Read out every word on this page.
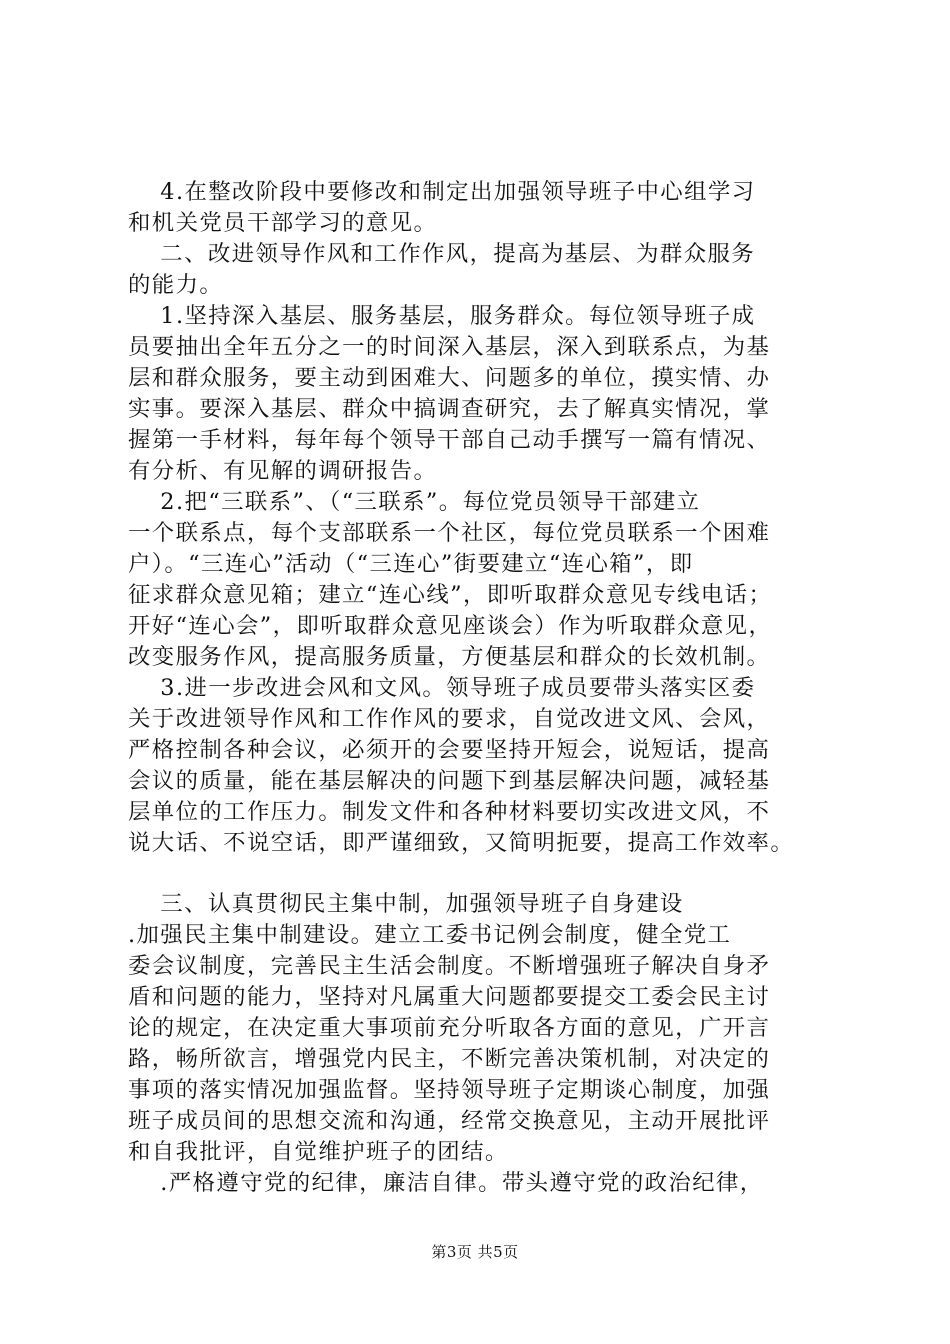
　 4.在整改阶段中要修改和制定出加强领导班子中心组学习
和机关党员干部学习的意见。
　 二、改进领导作风和工作作风，提高为基层、为群众服务
的能力。
　 1.坚持深入基层、服务基层，服务群众。每位领导班子成
员要抽出全年五分之一的时间深入基层，深入到联系点，为基
层和群众服务，要主动到困难大、问题多的单位，摸实情、办
实事。要深入基层、群众中搞调查研究，去了解真实情况，掌
握第一手材料，每年每个领导干部自己动手撰写一篇有情况、
有分析、有见解的调研报告。
　 2.把“三联系”、（“三联系”。每位党员领导干部建立
一个联系点，每个支部联系一个社区，每位党员联系一个困难
户）。“三连心”活动（“三连心”街要建立“连心箱”，即
征求群众意见箱；建立“连心线”，即听取群众意见专线电话；
开好“连心会”，即听取群众意见座谈会）作为听取群众意见，
改变服务作风，提高服务质量，方便基层和群众的长效机制。
　 3.进一步改进会风和文风。领导班子成员要带头落实区委
关于改进领导作风和工作作风的要求，自觉改进文风、会风，
严格控制各种会议，必须开的会要坚持开短会，说短话，提高
会议的质量，能在基层解决的问题下到基层解决问题，减轻基
层单位的工作压力。制发文件和各种材料要切实改进文风，不
说大话、不说空话，即严谨细致，又简明扼要，提高工作效率。
　 三、认真贯彻民主集中制，加强领导班子自身建设
.加强民主集中制建设。建立工委书记例会制度，健全党工
委会议制度，完善民主生活会制度。不断增强班子解决自身矛
盾和问题的能力，坚持对凡属重大问题都要提交工委会民主讨
论的规定，在决定重大事项前充分听取各方面的意见，广开言
路，畅所欲言，增强党内民主，不断完善决策机制，对决定的
事项的落实情况加强监督。坚持领导班子定期谈心制度，加强
班子成员间的思想交流和沟通，经常交换意见，主动开展批评
和自我批评，自觉维护班子的团结。
　 .严格遵守党的纪律，廉洁自律。带头遵守党的政治纪律，
第3页 共5页
